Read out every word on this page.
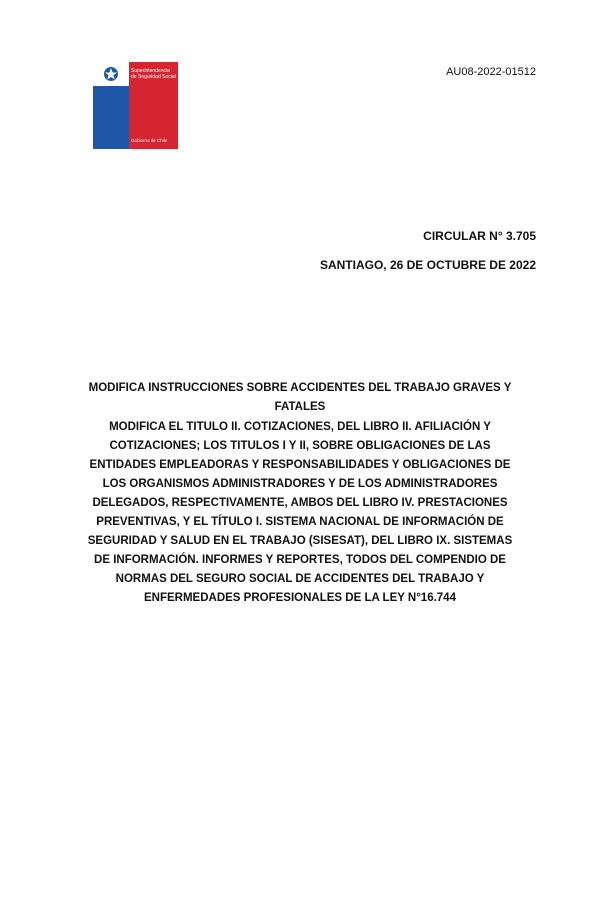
Superintendencia de Seguridad Social
Gobierno de Chile
AU08-2022-01512
CIRCULAR N° 3.705
SANTIAGO, 26 DE OCTUBRE DE 2022

MODIFICA INSTRUCCIONES SOBRE ACCIDENTES DEL TRABAJO GRAVES Y FATALES

MODIFICA EL TITULO II. COTIZACIONES, DEL LIBRO II. AFILIACIÓN Y COTIZACIONES; LOS TITULOS I Y II, SOBRE OBLIGACIONES DE LAS ENTIDADES EMPLEADORAS Y RESPONSABILIDADES Y OBLIGACIONES DE LOS ORGANISMOS ADMINISTRADORES Y DE LOS ADMINISTRADORES DELEGADOS, RESPECTIVAMENTE, AMBOS DEL LIBRO IV. PRESTACIONES PREVENTIVAS, Y EL TÍTULO I. SISTEMA NACIONAL DE INFORMACIÓN DE SEGURIDAD Y SALUD EN EL TRABAJO (SISESAT), DEL LIBRO IX. SISTEMAS DE INFORMACIÓN. INFORMES Y REPORTES, TODOS DEL COMPENDIO DE NORMAS DEL SEGURO SOCIAL DE ACCIDENTES DEL TRABAJO Y ENFERMEDADES PROFESIONALES DE LA LEY N°16.744
